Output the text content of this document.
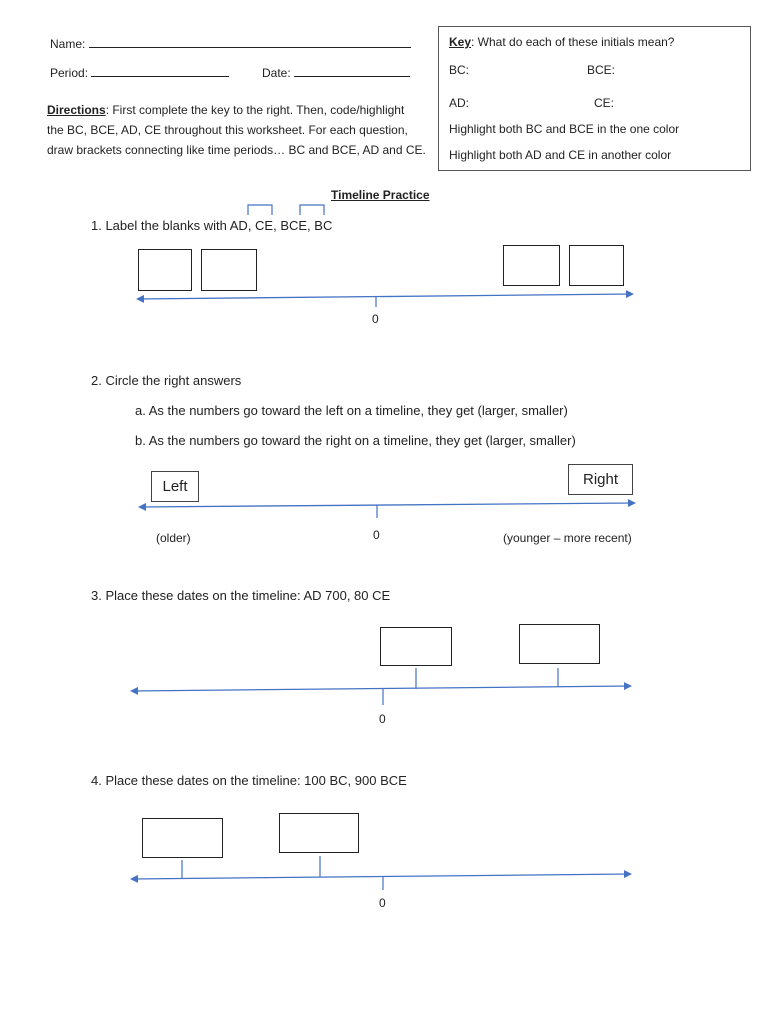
Name:
Period:	Date:
Directions: First complete the key to the right. Then, code/highlight
the BC, BCE, AD, CE throughout this worksheet. For each question,
draw brackets connecting like time periods… BC and BCE, AD and CE.
Key: What do each of these initials mean?
BC:	BCE:
AD:	CE:
Highlight both BC and BCE in the one color
Highlight both AD and CE in another color
Timeline Practice
1. Label the blanks with AD, CE, BCE, BC
0
2. Circle the right answers
a. As the numbers go toward the left on a timeline, they get (larger, smaller)
b. As the numbers go toward the right on a timeline, they get (larger, smaller)
Left	Right
(older)	0	(younger – more recent)
3. Place these dates on the timeline: AD 700, 80 CE
0
4. Place these dates on the timeline: 100 BC, 900 BCE
0
